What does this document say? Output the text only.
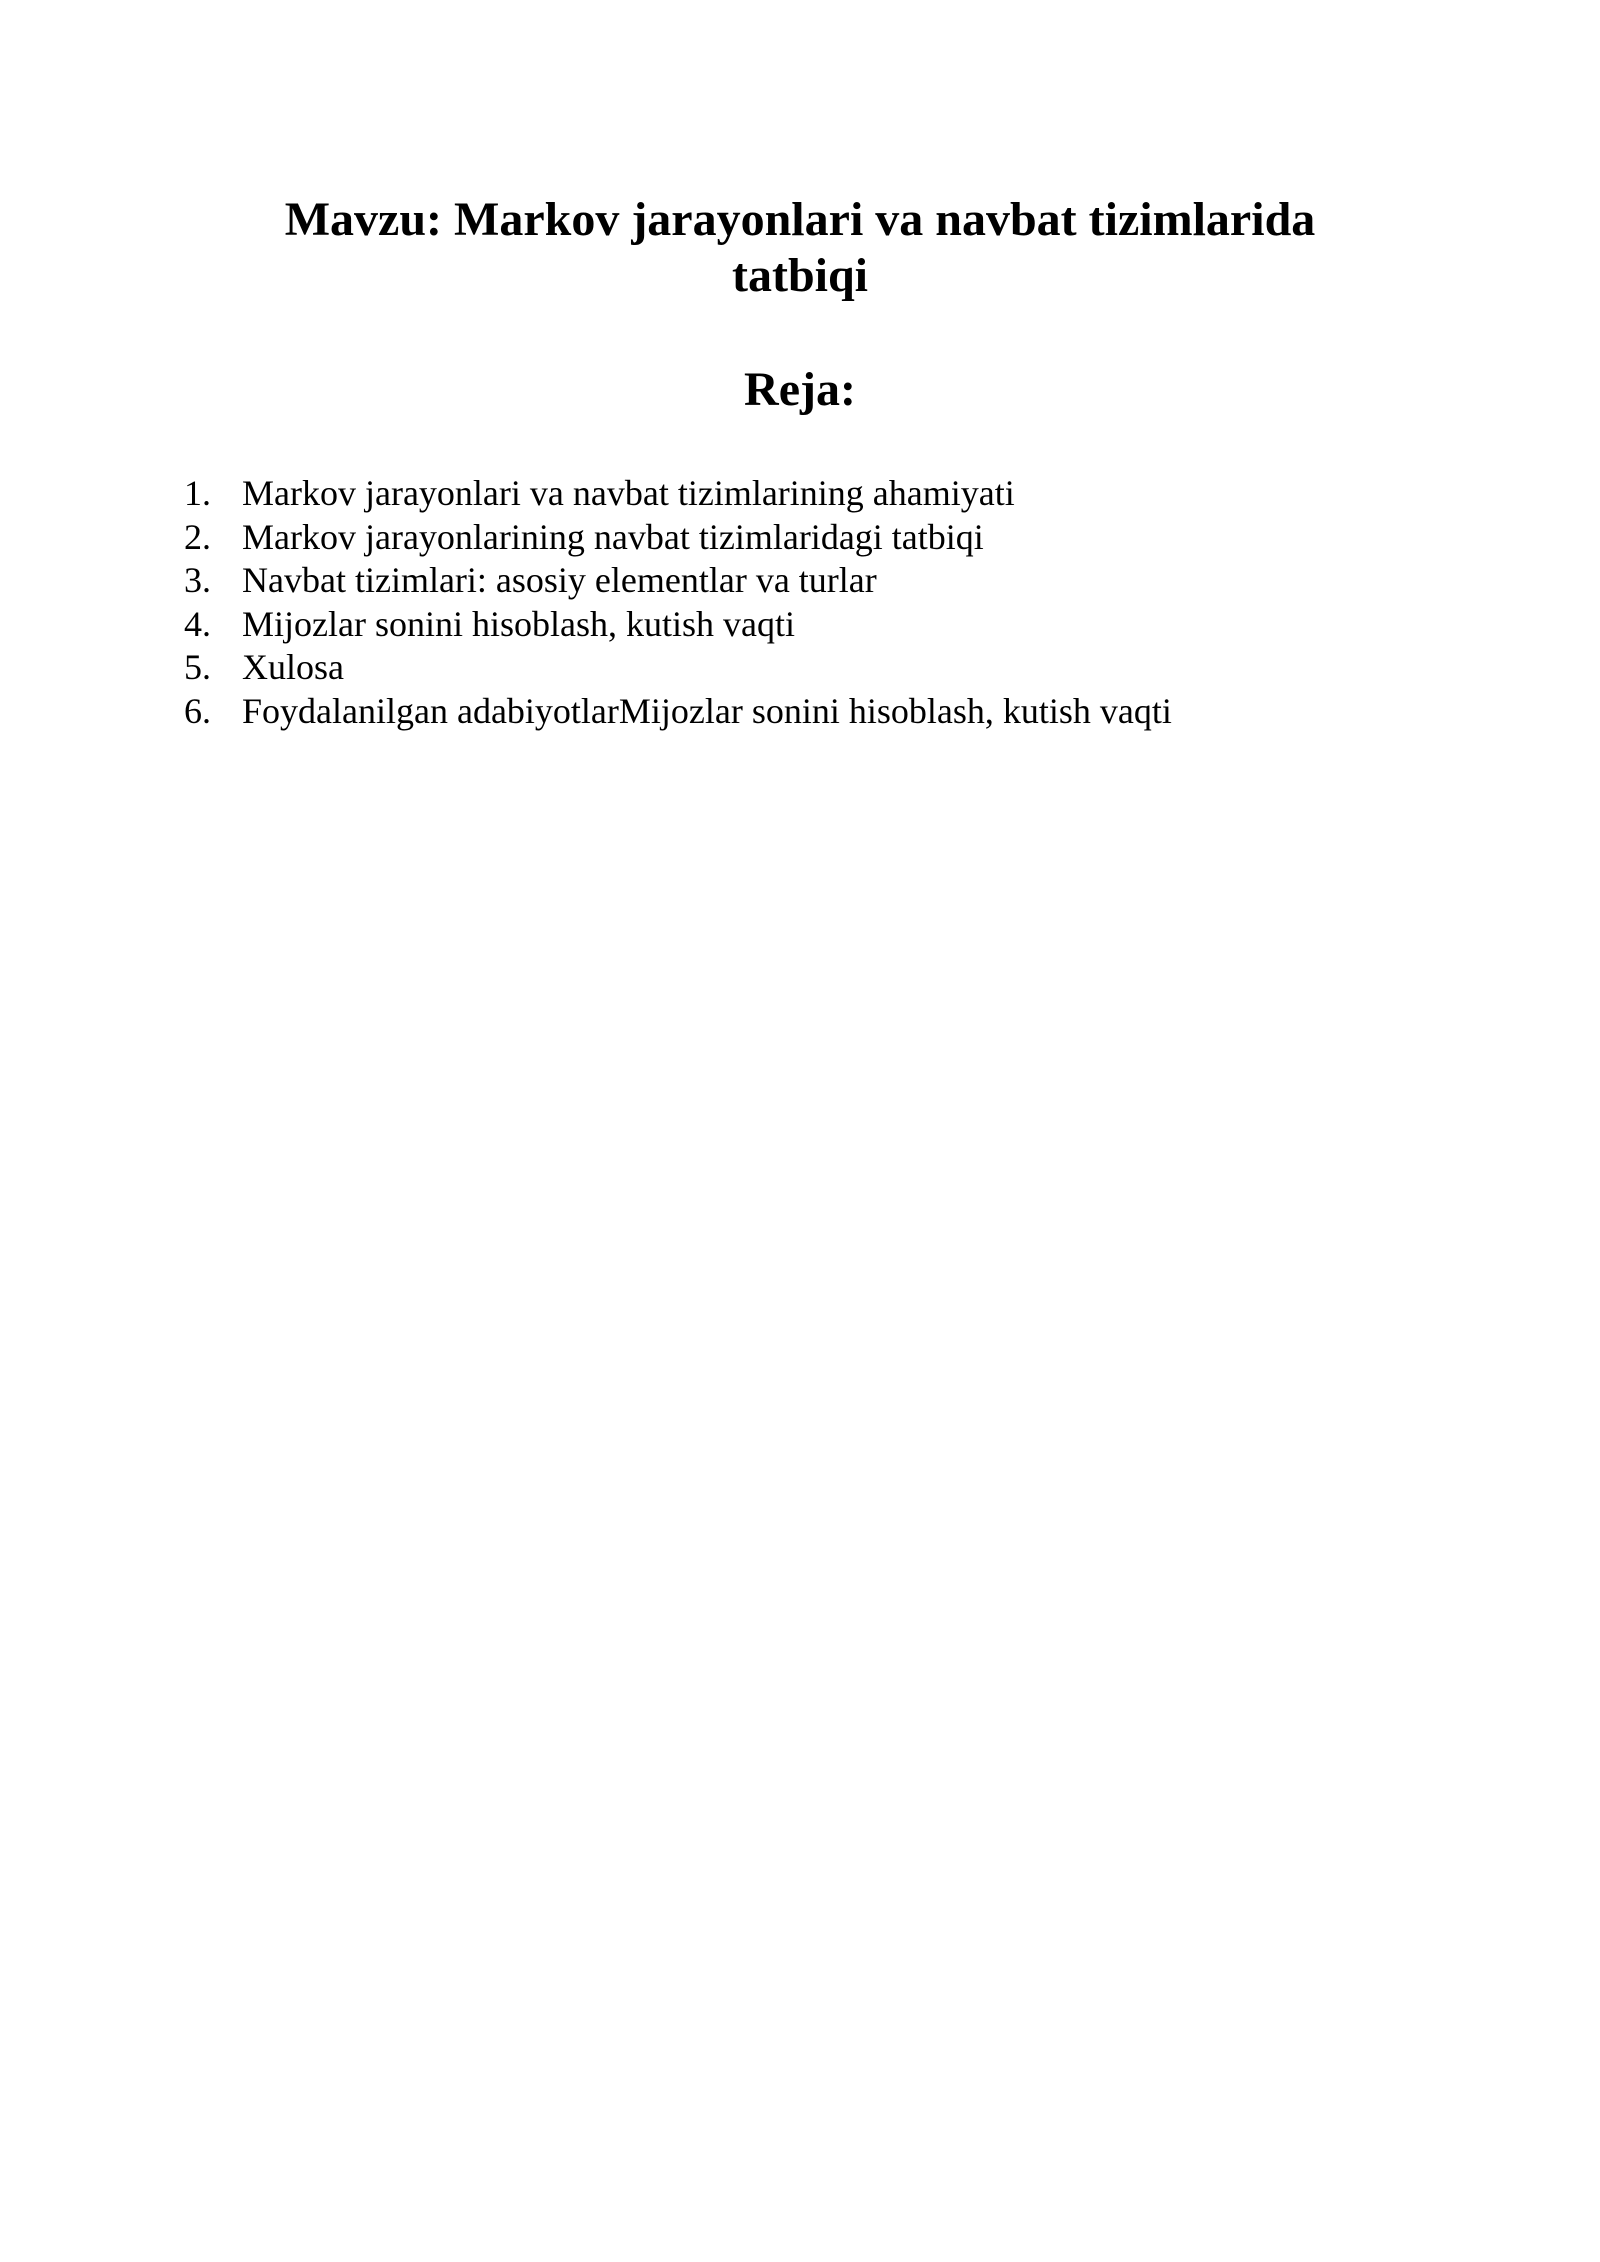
Mavzu: Markov jarayonlari va navbat tizimlarida
tatbiqi
Reja:
1. Markov jarayonlari va navbat tizimlarining ahamiyati
2. Markov jarayonlarining navbat tizimlaridagi tatbiqi
3. Navbat tizimlari: asosiy elementlar va turlar
4. Mijozlar sonini hisoblash, kutish vaqti
5. Xulosa
6. Foydalanilgan adabiyotlarMijozlar sonini hisoblash, kutish vaqti
